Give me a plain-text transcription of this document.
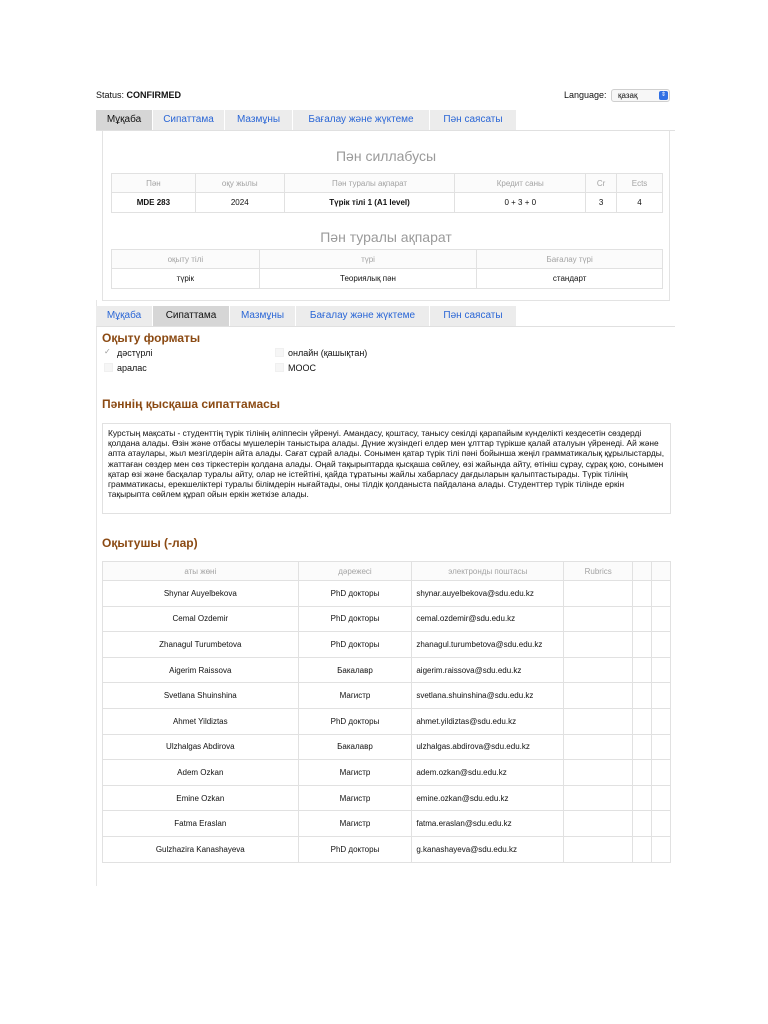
Status: CONFIRMED	Language:	қазақ	⇕
Мұқаба	Сипаттама	Мазмұны	Бағалау және жүктеме	Пән саясаты
Пән силлабусы
Пән	оқу жылы	Пән туралы ақпарат	Кредит саны	Cr	Ects
MDE 283	2024	Түрік тілі 1 (A1 level)	0 + 3 + 0	3	4
Пән туралы ақпарат
оқыту тілі	түрі	Бағалау түрі
түрік	Теориялық пән	стандарт
Мұқаба	Сипаттама	Мазмұны	Бағалау және жүктеме	Пән саясаты
Оқыту форматы
✓дәстүрлі	онлайн (қашықтан)
аралас	MOOC
Пәннің қысқаша сипаттамасы
Курстың мақсаты - студенттің түрік тілінің әліппесін үйренуі. Амандасу, қоштасу, танысу секілді қарапайым күнделікті кездесетін сөздерді қолдана алады. Өзін және отбасы мүшелерін таныстыра алады. Дүние жүзіндегі елдер мен ұлттар түрікше қалай аталуын үйренеді. Ай және апта атаулары, жыл мезгілдерін айта алады. Сағат сұрай алады. Сонымен қатар түрік тілі пәні бойынша жеңіл грамматикалық құрылыстарды, жаттаған сөздер мен сөз тіркестерін қолдана алады. Оңай тақырыптарда қысқаша сөйлеу, өзі жайында айту, өтініш сұрау, сұрақ қою, сонымен қатар өзі және басқалар туралы айту, олар не істейтіні, қайда тұратыны жайлы хабарласу дағдыларын қалыптастырады. Түрік тілінің грамматикасы, ерекшеліктері туралы білімдерін нығайтады, оны тілдік қолданыста пайдалана алады. Студенттер түрік тілінде еркін тақырыпта сөйлем құрап ойын еркін жеткізе алады.
Оқытушы (-лар)
аты жөні	дәрежесі	электронды поштасы	Rubrics		
Shynar Auyelbekova	PhD докторы	shynar.auyelbekova@sdu.edu.kz			
Cemal Ozdemir	PhD докторы	cemal.ozdemir@sdu.edu.kz			
Zhanagul Turumbetova	PhD докторы	zhanagul.turumbetova@sdu.edu.kz			
Aigerim Raissova	Бакалавр	aigerim.raissova@sdu.edu.kz			
Svetlana Shuinshina	Магистр	svetlana.shuinshina@sdu.edu.kz			
Ahmet Yildiztas	PhD докторы	ahmet.yildiztas@sdu.edu.kz			
Ulzhalgas Abdirova	Бакалавр	ulzhalgas.abdirova@sdu.edu.kz			
Adem Ozkan	Магистр	adem.ozkan@sdu.edu.kz			
Emine Ozkan	Магистр	emine.ozkan@sdu.edu.kz			
Fatma Eraslan	Магистр	fatma.eraslan@sdu.edu.kz			
Gulzhazira Kanashayeva	PhD докторы	g.kanashayeva@sdu.edu.kz			
